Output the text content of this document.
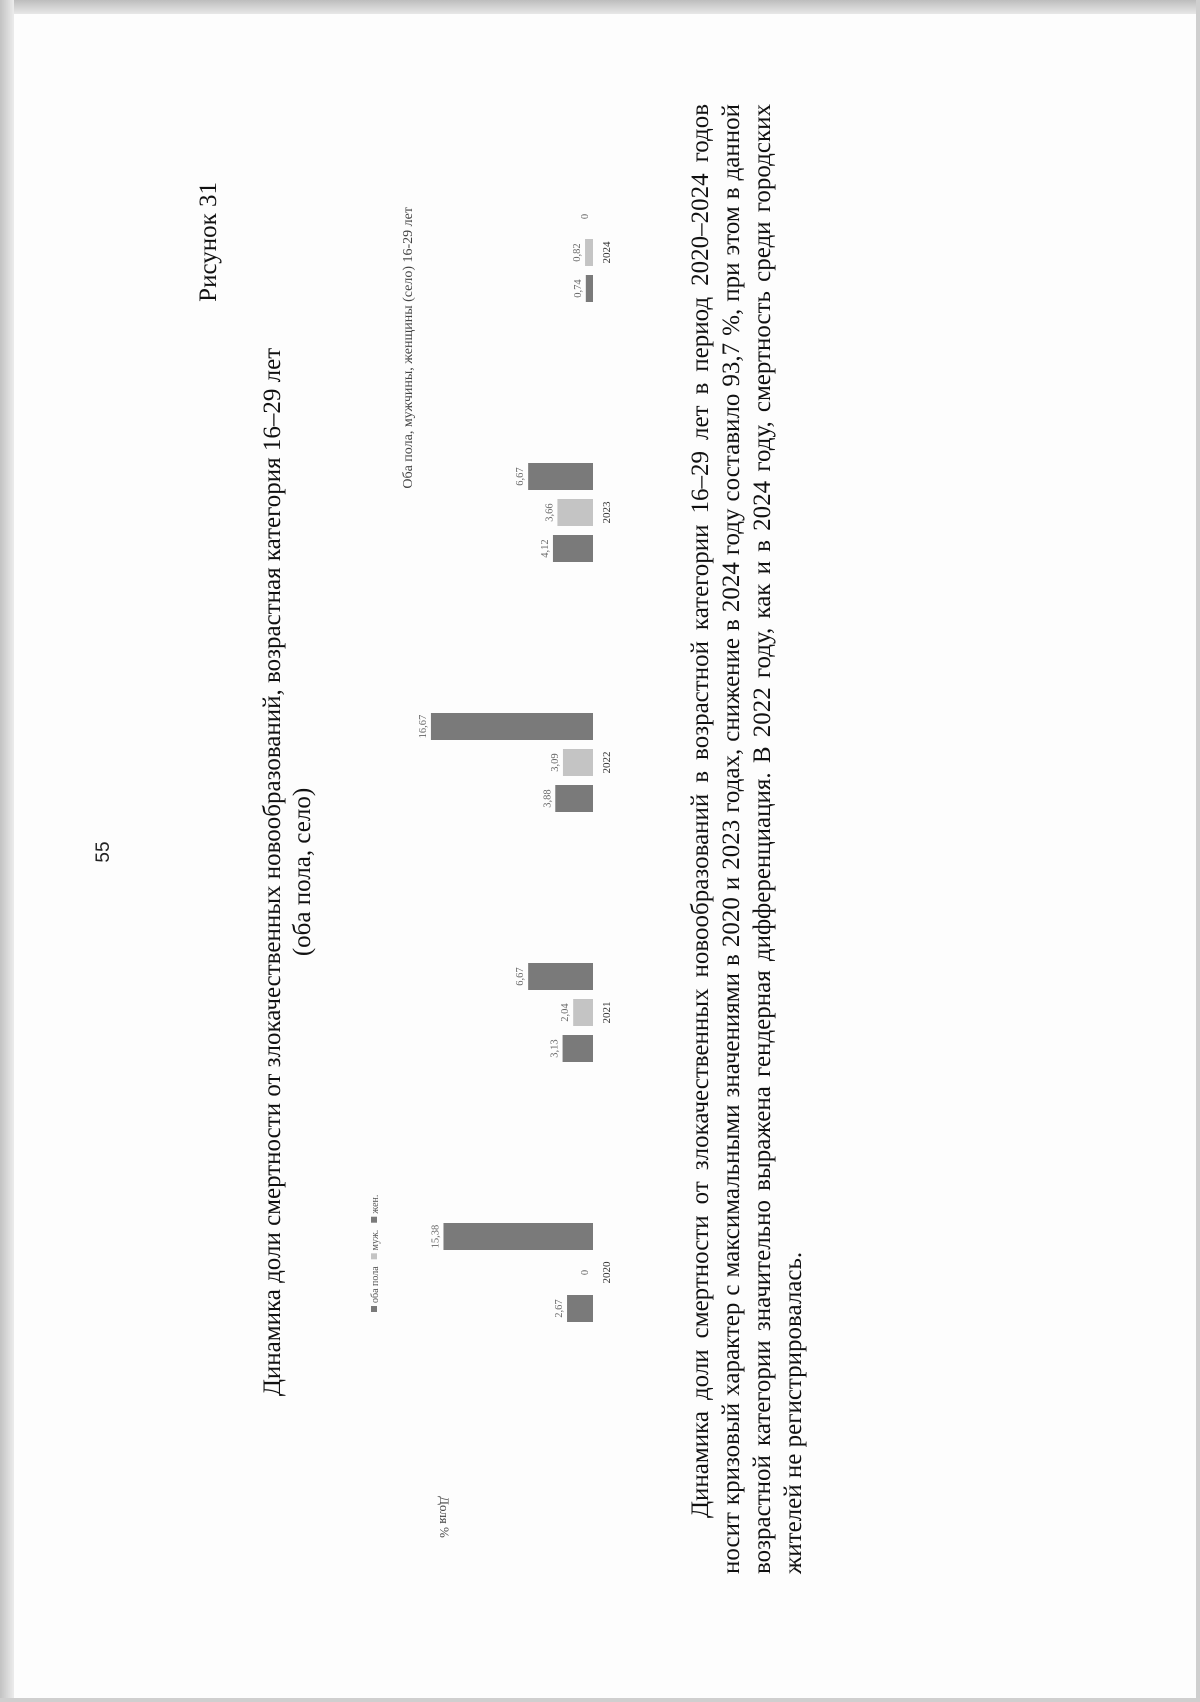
55
Рисунок 31
Динамика доли смертности от злокачественных новообразований, возрастная категория 16–29 лет (оба пола, село)
оба пола
муж.
жен.
Доля %
Оба пола, мужчины, женщины (село) 16-29 лет
2,67
0
15,38
2020
3,13
2,04
6,67
2021
3,88
3,09
16,67
2022
4,12
3,66
6,67
2023
0,74
0,82
0
2024	Динамика доли смертности от злокачественных новообразований в возрастной категории 16–29 лет в период 2020–2024 годов носит кризовый характер с максимальными значениями в 2020 и 2023 годах, снижение в 2024 году составило 93,7 %, при этом в данной возрастной категории значительно выражена гендерная дифференциация. В 2022 году, как и в 2024 году, смертность среди городских жителей не регистрировалась.
